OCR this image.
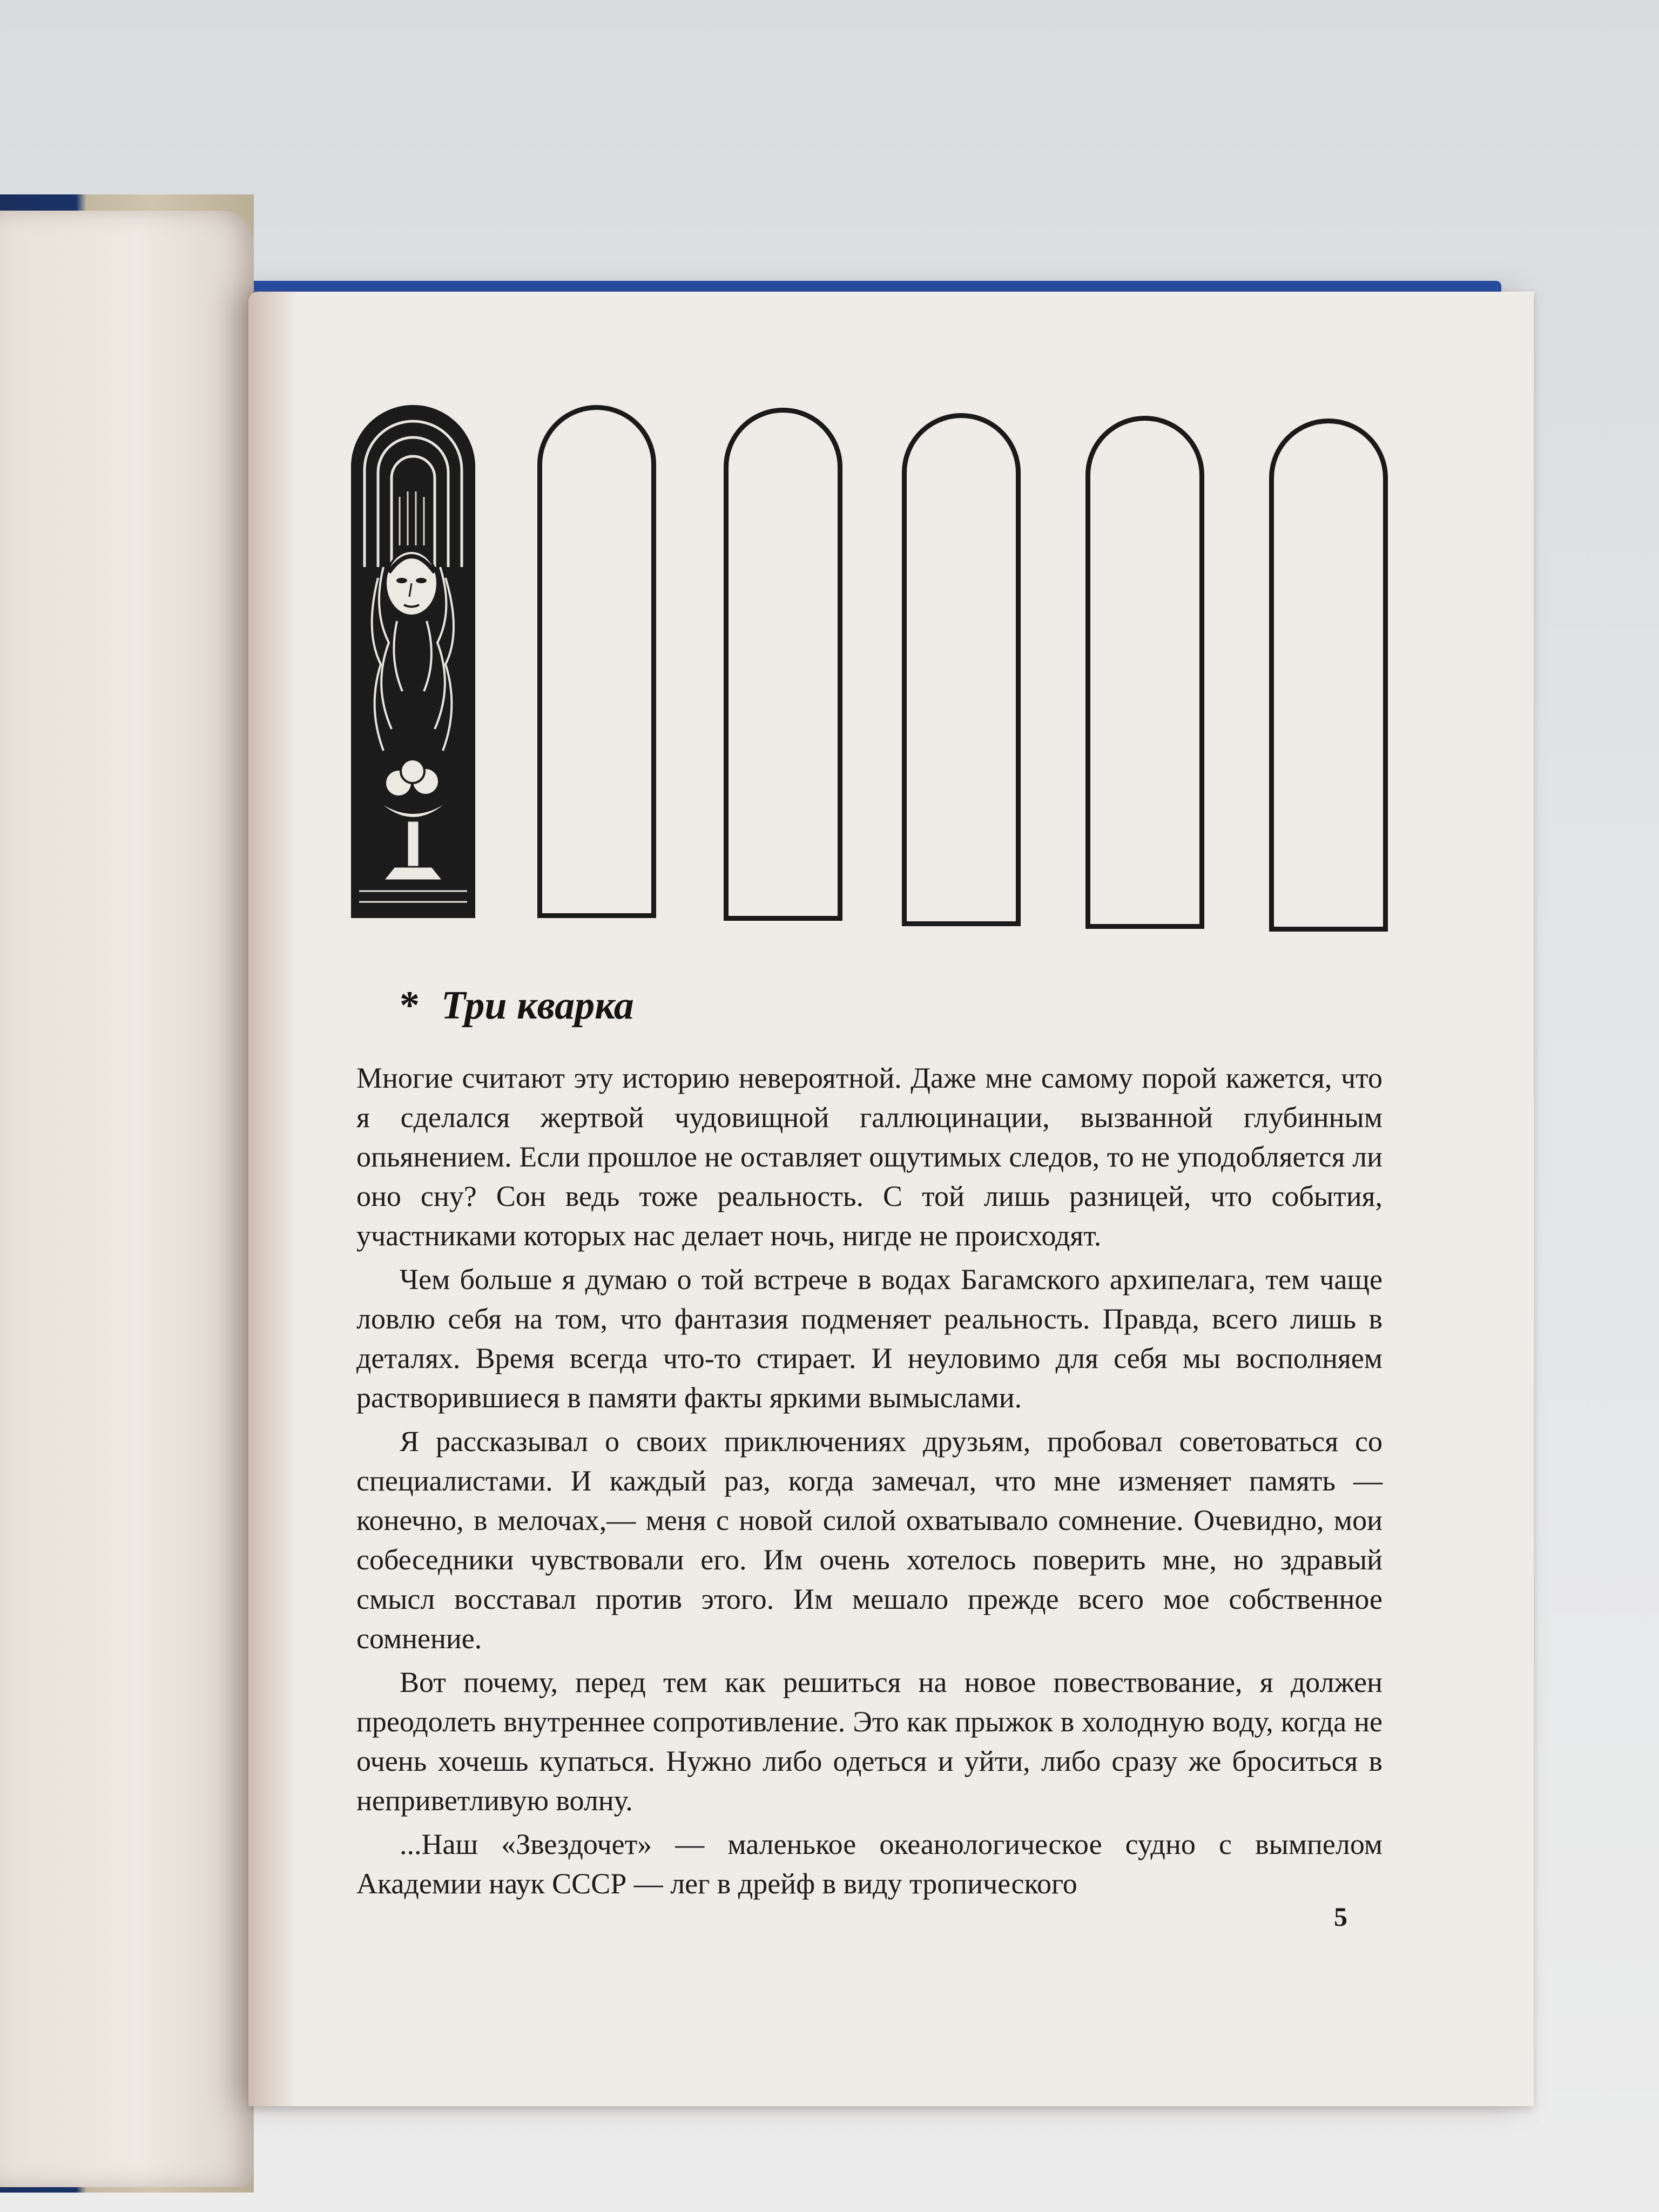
* Три кварка

Многие считают эту историю невероятной. Даже мне самому порой кажется, что я сделался жертвой чудовищной галлюцинации, вызванной глубинным опьянением. Если прошлое не оставляет ощутимых следов, то не уподобляется ли оно сну? Сон ведь тоже реальность. С той лишь разницей, что события, участниками которых нас делает ночь, нигде не происходят.

Чем больше я думаю о той встрече в водах Багамского архипелага, тем чаще ловлю себя на том, что фантазия подменяет реальность. Правда, всего лишь в деталях. Время всегда что-то стирает. И неуловимо для себя мы восполняем растворившиеся в памяти факты яркими вымыслами.

Я рассказывал о своих приключениях друзьям, пробовал советоваться со специалистами. И каждый раз, когда замечал, что мне изменяет память — конечно, в мелочах,— меня с новой силой охватывало сомнение. Очевидно, мои собеседники чувствовали его. Им очень хотелось поверить мне, но здравый смысл восставал против этого. Им мешало прежде всего мое собственное сомнение.

Вот почему, перед тем как решиться на новое повествование, я должен преодолеть внутреннее сопротивление. Это как прыжок в холодную воду, когда не очень хочешь купаться. Нужно либо одеться и уйти, либо сразу же броситься в неприветливую волну.

...Наш «Звездочет» — маленькое океанологическое судно с вымпелом Академии наук СССР — лег в дрейф в виду тропического

5
